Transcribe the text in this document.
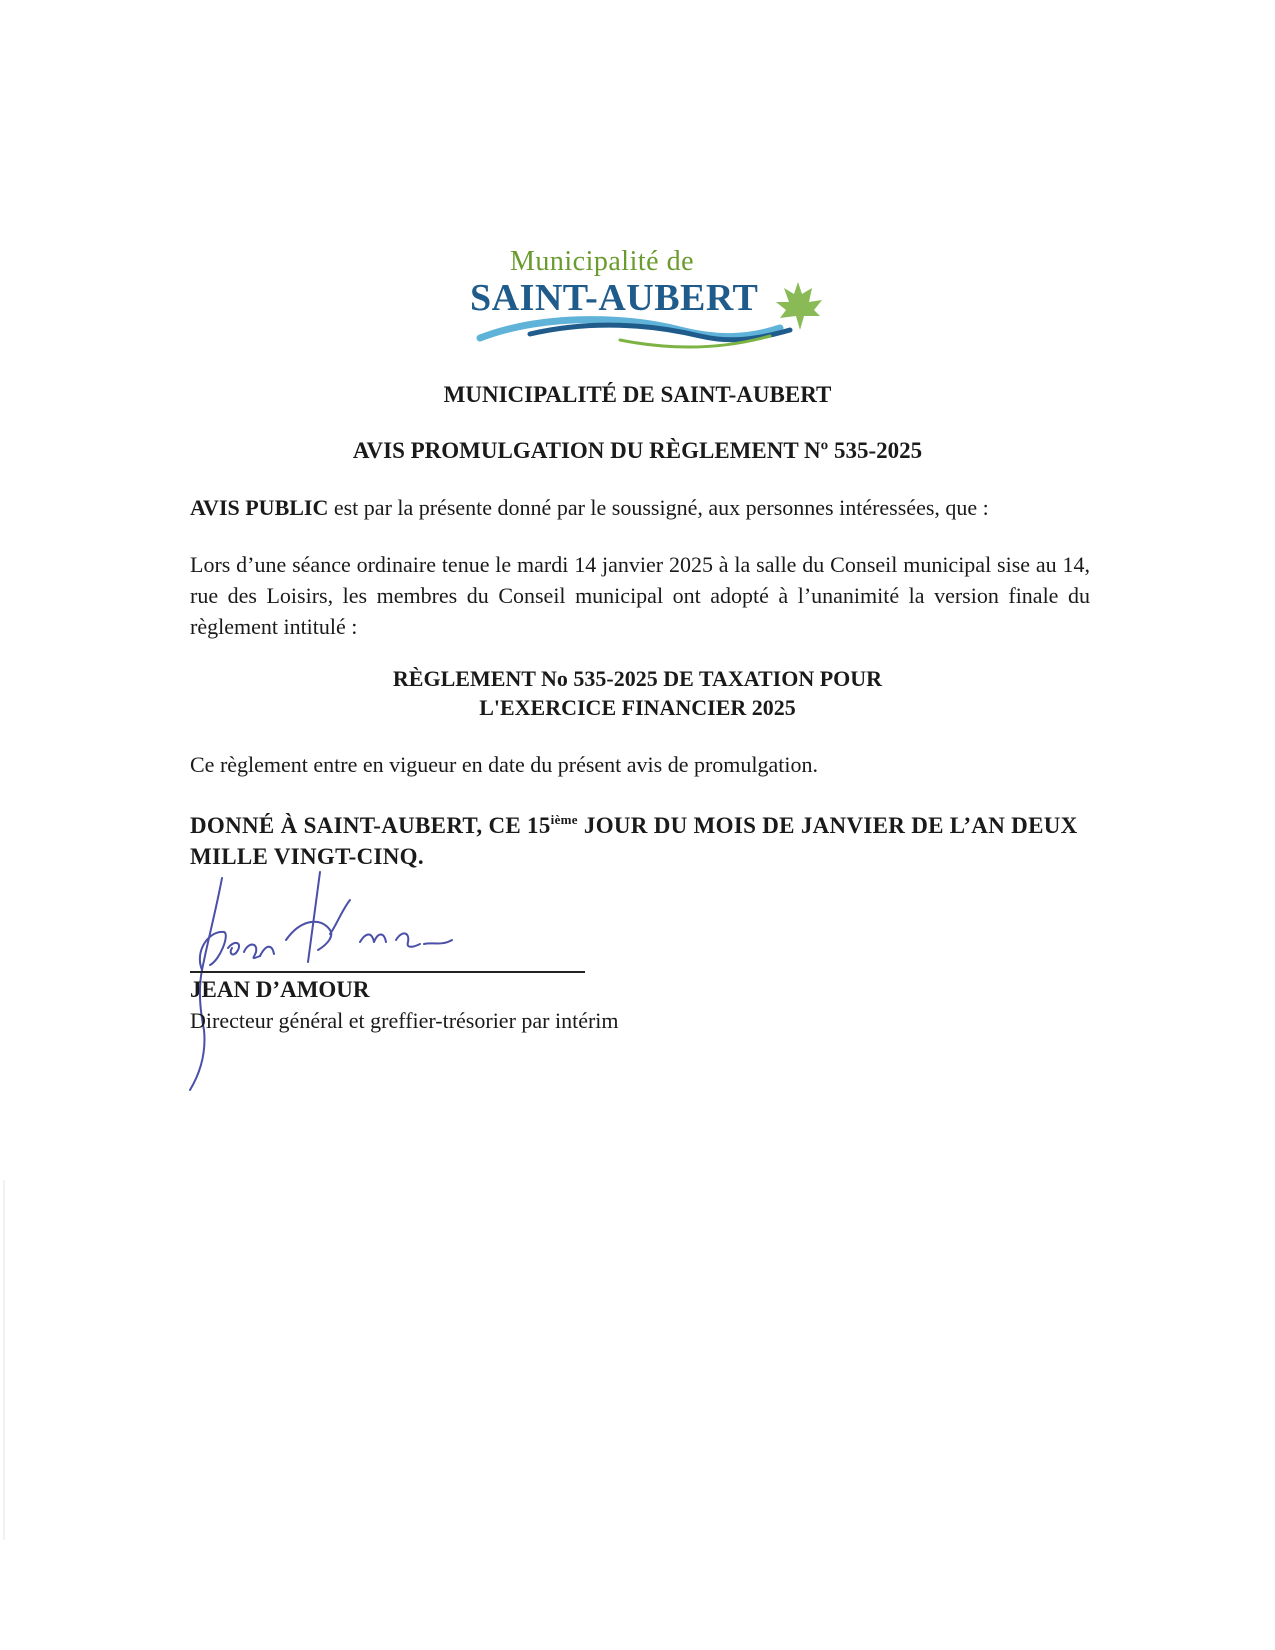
Municipalité de
SAINT-AUBERT
MUNICIPALITÉ DE SAINT-AUBERT
AVIS PROMULGATION DU RÈGLEMENT Nº 535-2025
AVIS PUBLIC est par la présente donné par le soussigné, aux personnes intéressées, que :
Lors d’une séance ordinaire tenue le mardi 14 janvier 2025 à la salle du Conseil municipal sise au 14, rue des Loisirs, les membres du Conseil municipal ont adopté à l’unanimité la version finale du règlement intitulé :
RÈGLEMENT No 535-2025 DE TAXATION POUR
L'EXERCICE FINANCIER 2025
Ce règlement entre en vigueur en date du présent avis de promulgation.
DONNÉ À SAINT-AUBERT, CE 15ième JOUR DU MOIS DE JANVIER DE L’AN DEUX MILLE VINGT-CINQ.
JEAN D’AMOUR
Directeur général et greffier-trésorier par intérim
